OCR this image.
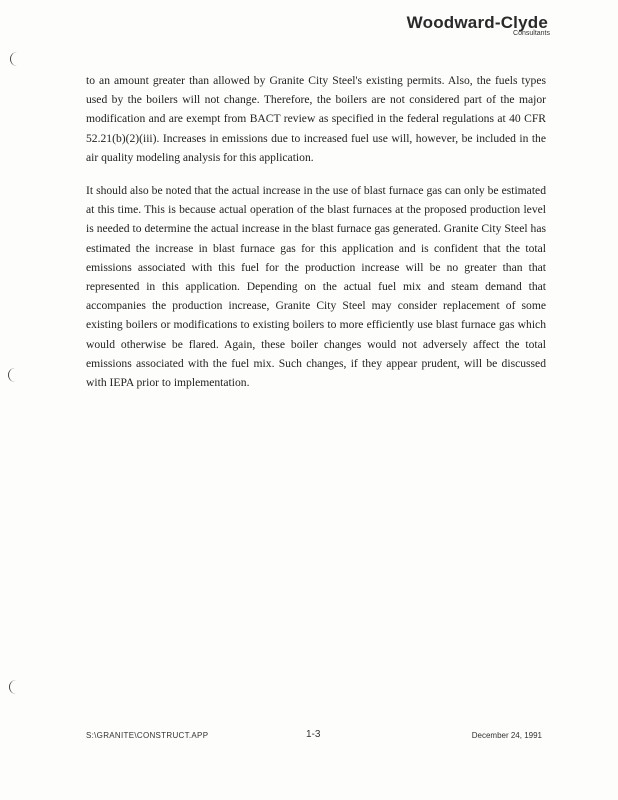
Woodward-Clyde
Consultants

to an amount greater than allowed by Granite City Steel's existing permits. Also, the fuels types used by the boilers will not change. Therefore, the boilers are not considered part of the major modification and are exempt from BACT review as specified in the federal regulations at 40 CFR 52.21(b)(2)(iii). Increases in emissions due to increased fuel use will, however, be included in the air quality modeling analysis for this application.

It should also be noted that the actual increase in the use of blast furnace gas can only be estimated at this time. This is because actual operation of the blast furnaces at the proposed production level is needed to determine the actual increase in the blast furnace gas generated. Granite City Steel has estimated the increase in blast furnace gas for this application and is confident that the total emissions associated with this fuel for the production increase will be no greater than that represented in this application. Depending on the actual fuel mix and steam demand that accompanies the production increase, Granite City Steel may consider replacement of some existing boilers or modifications to existing boilers to more efficiently use blast furnace gas which would otherwise be flared. Again, these boiler changes would not adversely affect the total emissions associated with the fuel mix. Such changes, if they appear prudent, will be discussed with IEPA prior to implementation.

S:\GRANITE\CONSTRUCT.APP	1-3	December 24, 1991
